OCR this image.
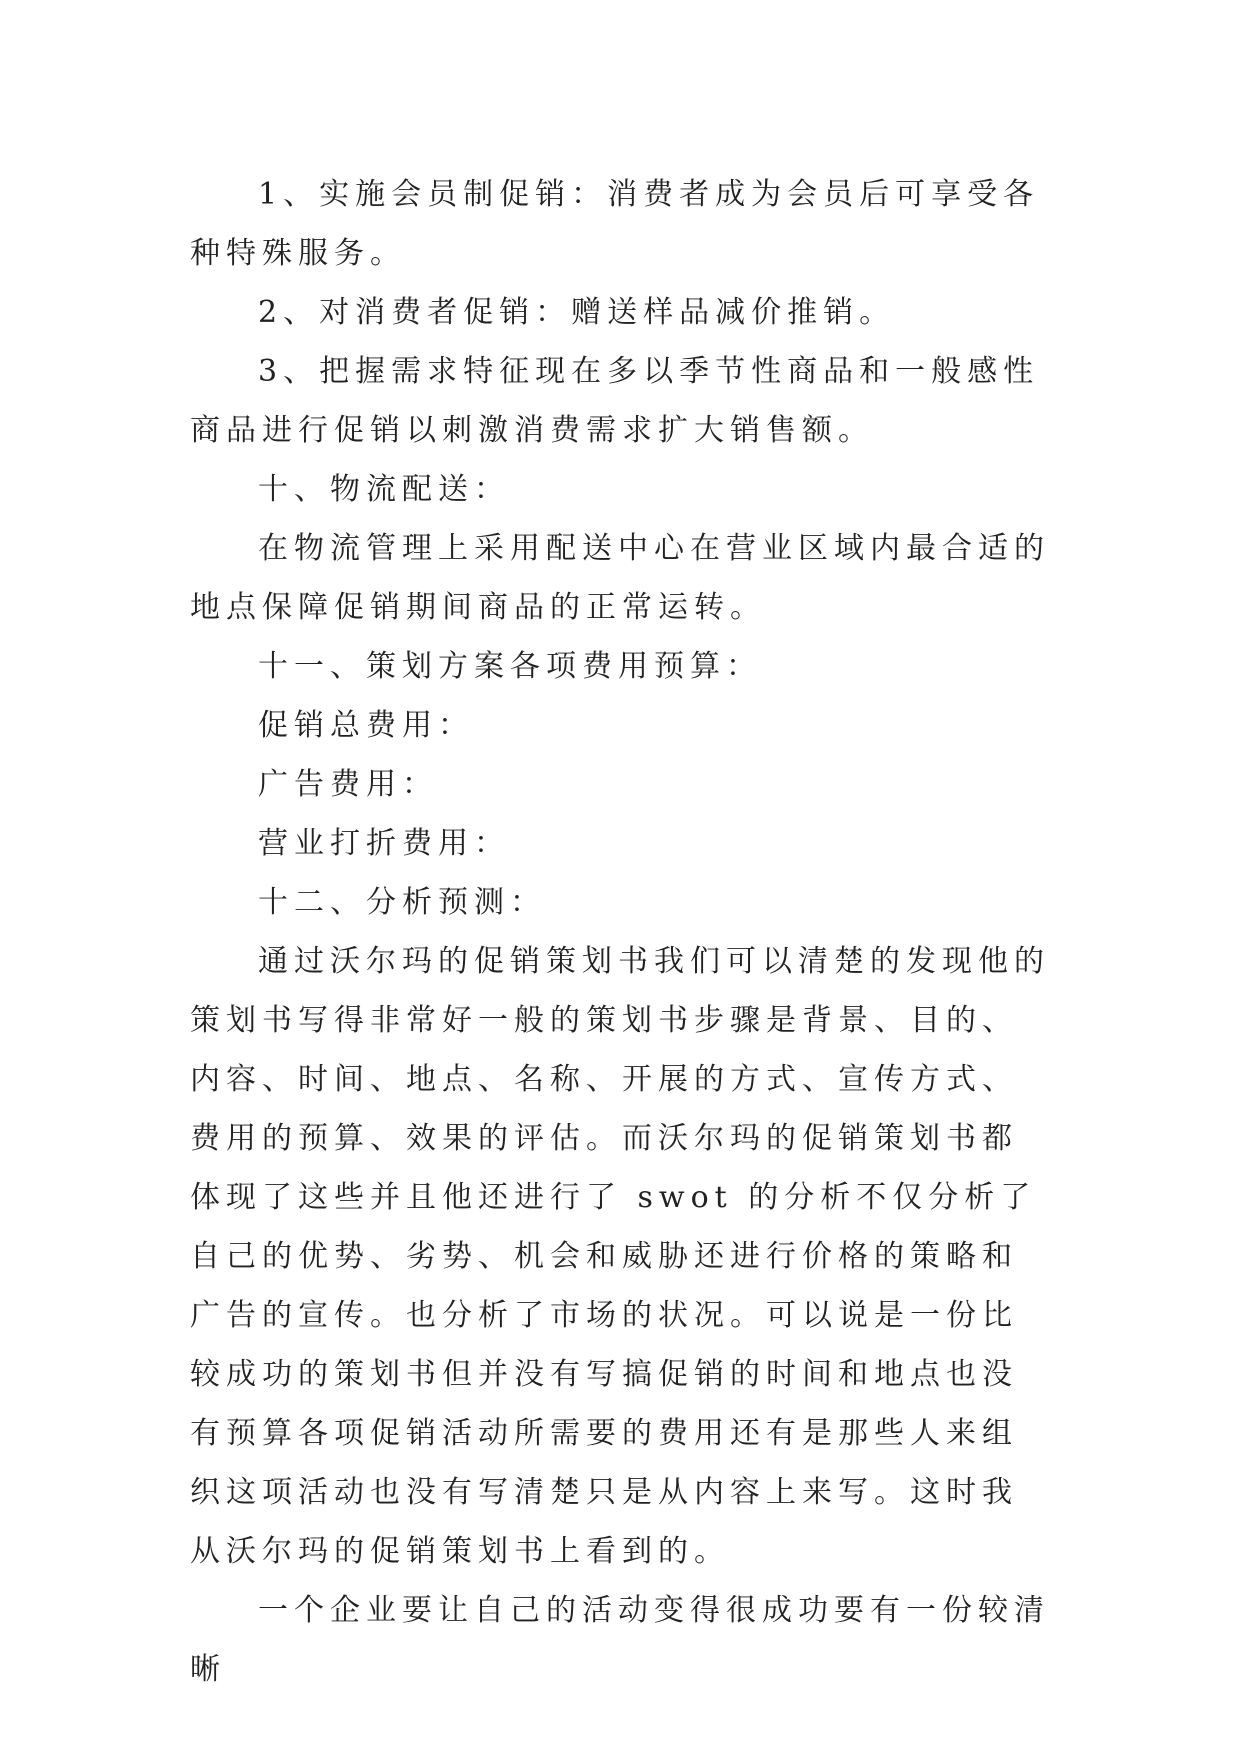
1、实施会员制促销：消费者成为会员后可享受各种特殊服务。

2、对消费者促销：赠送样品减价推销。

3、把握需求特征现在多以季节性商品和一般感性商品进行促销以刺激消费需求扩大销售额。

十、物流配送：

在物流管理上采用配送中心在营业区域内最合适的地点保障促销期间商品的正常运转。

十一、策划方案各项费用预算：

促销总费用：

广告费用：

营业打折费用：

十二、分析预测：

通过沃尔玛的促销策划书我们可以清楚的发现他的策划书写得非常好一般的策划书步骤是背景、目的、内容、时间、地点、名称、开展的方式、宣传方式、费用的预算、效果的评估。而沃尔玛的促销策划书都体现了这些并且他还进行了 swot 的分析不仅分析了自己的优势、劣势、机会和威胁还进行价格的策略和广告的宣传。也分析了市场的状况。可以说是一份比较成功的策划书但并没有写搞促销的时间和地点也没有预算各项促销活动所需要的费用还有是那些人来组织这项活动也没有写清楚只是从内容上来写。这时我从沃尔玛的促销策划书上看到的。

一个企业要让自己的活动变得很成功要有一份较清晰
